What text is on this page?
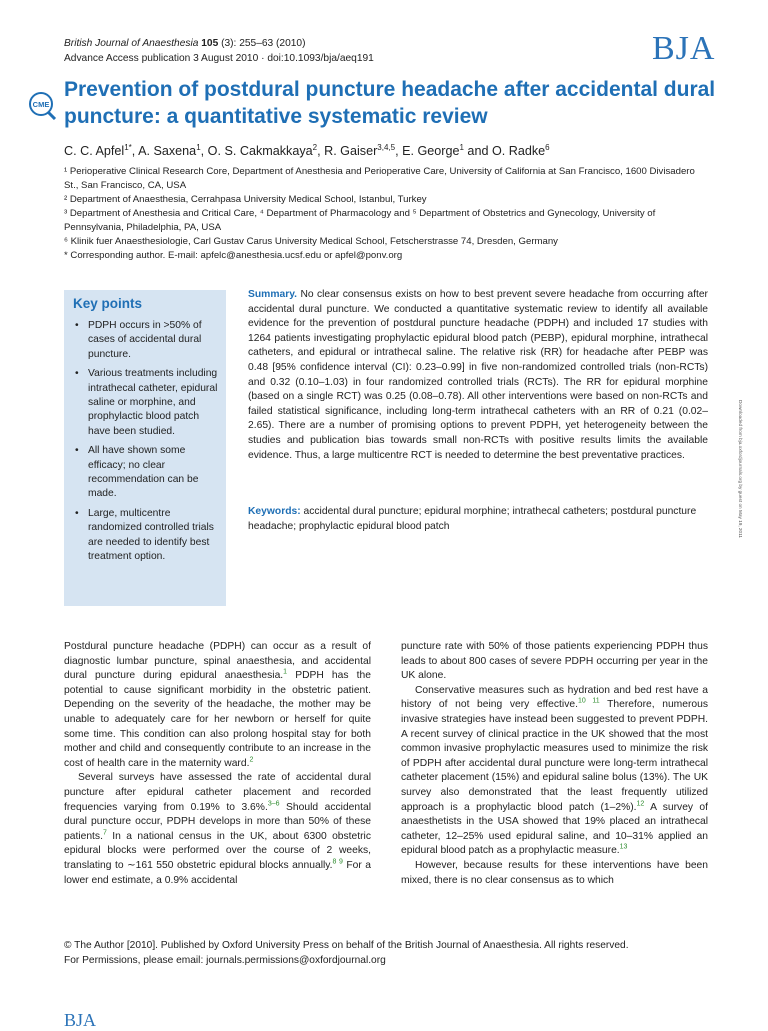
British Journal of Anaesthesia 105 (3): 255–63 (2010)
Advance Access publication 3 August 2010 · doi:10.1093/bja/aeq191	BJA
CME
Prevention of postdural puncture headache after accidental dural puncture: a quantitative systematic review
C. C. Apfel$^{1*}$, A. Saxena$^1$, O. S. Cakmakkaya$^2$, R. Gaiser$^{3,4,5}$, E. George$^1$ and O. Radke$^6$

¹ Perioperative Clinical Research Core, Department of Anesthesia and Perioperative Care, University of California at San Francisco, 1600 Divisadero St., San Francisco, CA, USA

² Department of Anaesthesia, Cerrahpasa University Medical School, Istanbul, Turkey

³ Department of Anesthesia and Critical Care, ⁴ Department of Pharmacology and ⁵ Department of Obstetrics and Gynecology, University of Pennsylvania, Philadelphia, PA, USA

⁶ Klinik fuer Anaesthesiologie, Carl Gustav Carus University Medical School, Fetscherstrasse 74, Dresden, Germany

* Corresponding author. E-mail: apfelc@anesthesia.ucsf.edu or apfel@ponv.org

Key points
• PDPH occurs in >50% of cases of accidental dural puncture.
• Various treatments including intrathecal catheter, epidural saline or morphine, and prophylactic blood patch have been studied.
• All have shown some efficacy; no clear recommendation can be made.
• Large, multicentre randomized controlled trials are needed to identify best treatment option.
Summary. No clear consensus exists on how to best prevent severe headache from occurring after accidental dural puncture. We conducted a quantitative systematic review to identify all available evidence for the prevention of postdural puncture headache (PDPH) and included 17 studies with 1264 patients investigating prophylactic epidural blood patch (PEBP), epidural morphine, intrathecal catheters, and epidural or intrathecal saline. The relative risk (RR) for headache after PEBP was 0.48 [95% confidence interval (CI): 0.23–0.99] in five non-randomized controlled trials (non-RCTs) and 0.32 (0.10–1.03) in four randomized controlled trials (RCTs). The RR for epidural morphine (based on a single RCT) was 0.25 (0.08–0.78). All other interventions were based on non-RCTs and failed statistical significance, including long-term intrathecal catheters with an RR of 0.21 (0.02–2.65). There are a number of promising options to prevent PDPH, yet heterogeneity between the studies and publication bias towards small non-RCTs with positive results limits the available evidence. Thus, a large multicentre RCT is needed to determine the best preventative practices.
Keywords: accidental dural puncture; epidural morphine; intrathecal catheters; postdural puncture headache; prophylactic epidural blood patch	Downloaded from bja.oxfordjournals.org by guest on May 19, 2011

Postdural puncture headache (PDPH) can occur as a result of diagnostic lumbar puncture, spinal anaesthesia, and accidental dural puncture during epidural anaesthesia.$^1$ PDPH has the potential to cause significant morbidity in the obstetric patient. Depending on the severity of the headache, the mother may be unable to adequately care for her newborn or herself for quite some time. This condition can also prolong hospital stay for both mother and child and consequently contribute to an increase in the cost of health care in the maternity ward.$^2$

Several surveys have assessed the rate of accidental dural puncture after epidural catheter placement and recorded frequencies varying from 0.19% to 3.6%.$^{3-6}$ Should accidental dural puncture occur, PDPH develops in more than 50% of these patients.$^7$ In a national census in the UK, about 6300 obstetric epidural blocks were performed over the course of 2 weeks, translating to ∼161 550 obstetric epidural blocks annually.$^{8 9}$ For a lower end estimate, a 0.9% accidental

puncture rate with 50% of those patients experiencing PDPH thus leads to about 800 cases of severe PDPH occurring per year in the UK alone.

Conservative measures such as hydration and bed rest have a history of not being very effective.$^{10 11}$ Therefore, numerous invasive strategies have instead been suggested to prevent PDPH. A recent survey of clinical practice in the UK showed that the most common invasive prophylactic measures used to minimize the risk of PDPH after accidental dural puncture were long-term intrathecal catheter placement (15%) and epidural saline bolus (13%). The UK survey also demonstrated that the least frequently utilized approach is a prophylactic blood patch (1–2%).$^{12}$ A survey of anaesthetists in the USA showed that 19% placed an intrathecal catheter, 12–25% used epidural saline, and 10–31% applied an epidural blood patch as a prophylactic measure.$^{13}$

However, because results for these interventions have been mixed, there is no clear consensus as to which

© The Author [2010]. Published by Oxford University Press on behalf of the British Journal of Anaesthesia. All rights reserved.

For Permissions, please email: journals.permissions@oxfordjournal.org

BJA
